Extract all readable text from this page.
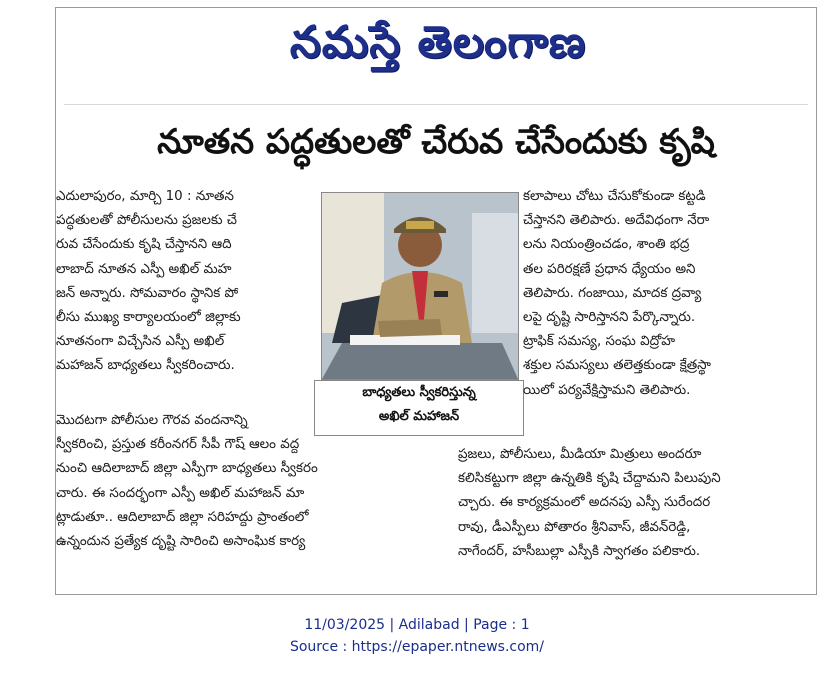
నమస్తే తెలంగాణ
నూతన పద్ధతులతో చేరువ చేసేందుకు కృషి

ఎదులాపురం, మార్చి 10 : నూతన
పద్ధతులతో పోలీసులను ప్రజలకు చే
రువ చేసేందుకు కృషి చేస్తానని ఆది
లాబాద్ నూతన ఎస్పీ అఖిల్ మహ
జన్ అన్నారు. సోమవారం స్థానిక పో
లీసు ముఖ్య కార్యాలయంలో జిల్లాకు
నూతనంగా విచ్చేసిన ఎస్పీ అఖిల్
మహాజన్ బాధ్యతలు స్వీకరించారు.

బాధ్యతలు స్వీకరిస్తున్న
అఖిల్ మహాజన్

కలాపాలు చోటు చేసుకోకుండా కట్టడి
చేస్తానని తెలిపారు. అదేవిధంగా నేరా
లను నియంత్రించడం, శాంతి భద్ర
తల పరిరక్షణే ప్రధాన ధ్యేయం అని
తెలిపారు. గంజాయి, మాదక ద్రవ్యా
లపై దృష్టి సారిస్తానని పేర్కొన్నారు.
ట్రాఫిక్ సమస్య, సంఘ విద్రోహ
శక్తుల సమస్యలు తలెత్తకుండా క్షేత్రస్థా
యిలో పర్యవేక్షిస్తామని తెలిపారు.

మొదటగా పోలీసుల గౌరవ వందనాన్ని
స్వీకరించి, ప్రస్తుత కరీంనగర్ సీపీ గౌష్ ఆలం వద్ద
నుంచి ఆదిలాబాద్ జిల్లా ఎస్పీగా బాధ్యతలు స్వీకరం
చారు. ఈ సందర్భంగా ఎస్పీ అఖిల్ మహాజన్ మా
ట్లాడుతూ.. ఆదిలాబాద్ జిల్లా సరిహద్దు ప్రాంతంలో
ఉన్నందున ప్రత్యేక దృష్టి సారించి అసాంఘిక కార్య

ప్రజలు, పోలీసులు, మీడియా మిత్రులు అందరూ
కలిసికట్టుగా జిల్లా ఉన్నతికి కృషి చేద్దామని పిలుపుని
చ్చారు. ఈ కార్యక్రమంలో అదనపు ఎస్పీ సురేందర
రావు, డీఎస్పీలు పోతారం శ్రీనివాస్, జీవన్‌రెడ్డి,
నాగేందర్, హసీబుల్లా ఎస్పీకి స్వాగతం పలికారు.

11/03/2025 | Adilabad | Page : 1
Source : https://epaper.ntnews.com/
